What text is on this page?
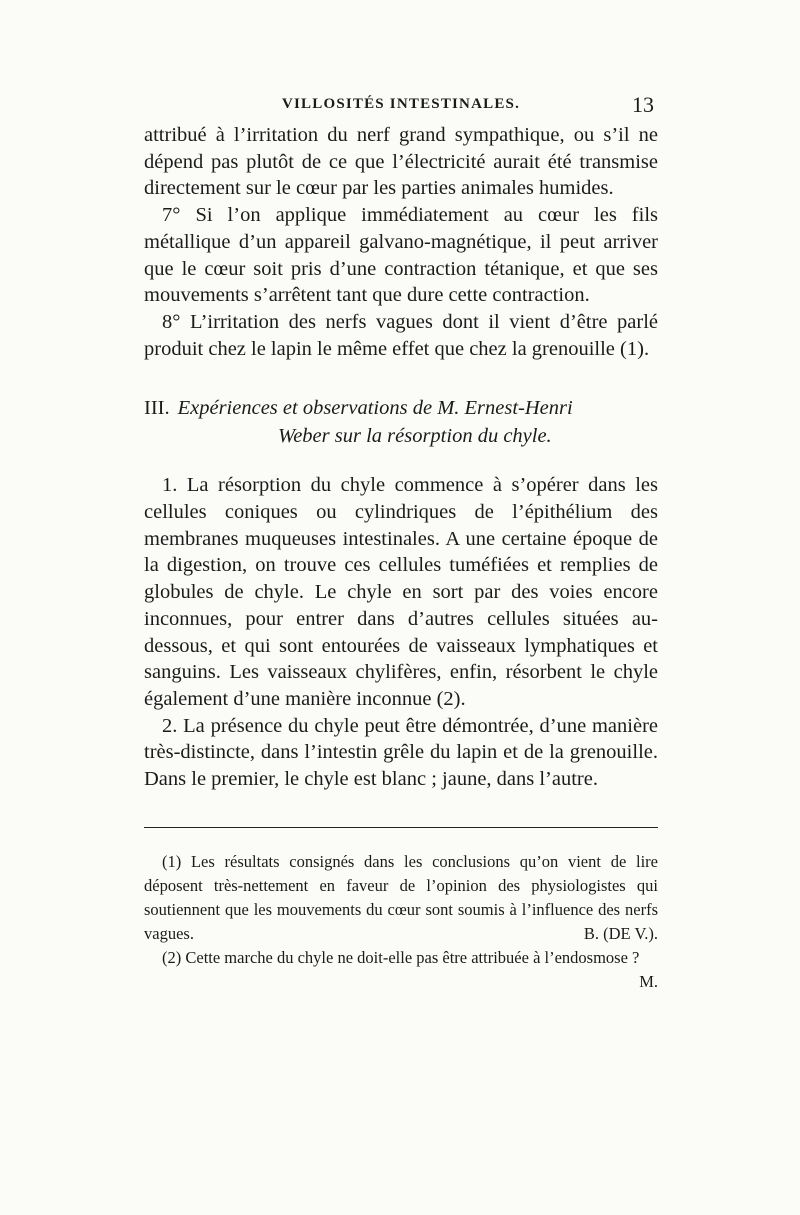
VILLOSITÉS INTESTINALES.	13

attribué à l’irritation du nerf grand sympathique, ou s’il ne dépend pas plutôt de ce que l’électricité aurait été transmise directement sur le cœur par les parties animales humides.

7° Si l’on applique immédiatement au cœur les fils métallique d’un appareil galvano-magnétique, il peut arriver que le cœur soit pris d’une contraction tétanique, et que ses mouvements s’arrêtent tant que dure cette contraction.

8° L’irritation des nerfs vagues dont il vient d’être parlé produit chez le lapin le même effet que chez la grenouille (1).

III. Expériences et observations de M. Ernest-Henri
Weber sur la résorption du chyle.

1. La résorption du chyle commence à s’opérer dans les cellules coniques ou cylindriques de l’épithélium des membranes muqueuses intestinales. A une certaine époque de la digestion, on trouve ces cellules tuméfiées et remplies de globules de chyle. Le chyle en sort par des voies encore inconnues, pour entrer dans d’autres cellules situées au-dessous, et qui sont entourées de vaisseaux lymphatiques et sanguins. Les vaisseaux chylifères, enfin, résorbent le chyle également d’une manière inconnue (2).

2. La présence du chyle peut être démontrée, d’une manière très-distincte, dans l’intestin grêle du lapin et de la grenouille. Dans le premier, le chyle est blanc ; jaune, dans l’autre.

(1) Les résultats consignés dans les conclusions qu’on vient de lire déposent très-nettement en faveur de l’opinion des physiologistes qui soutiennent que les mouvements du cœur sont soumis à l’influence des nerfs vagues.	B. (DE V.).

(2) Cette marche du chyle ne doit-elle pas être attribuée à l’endosmose ?
M.
